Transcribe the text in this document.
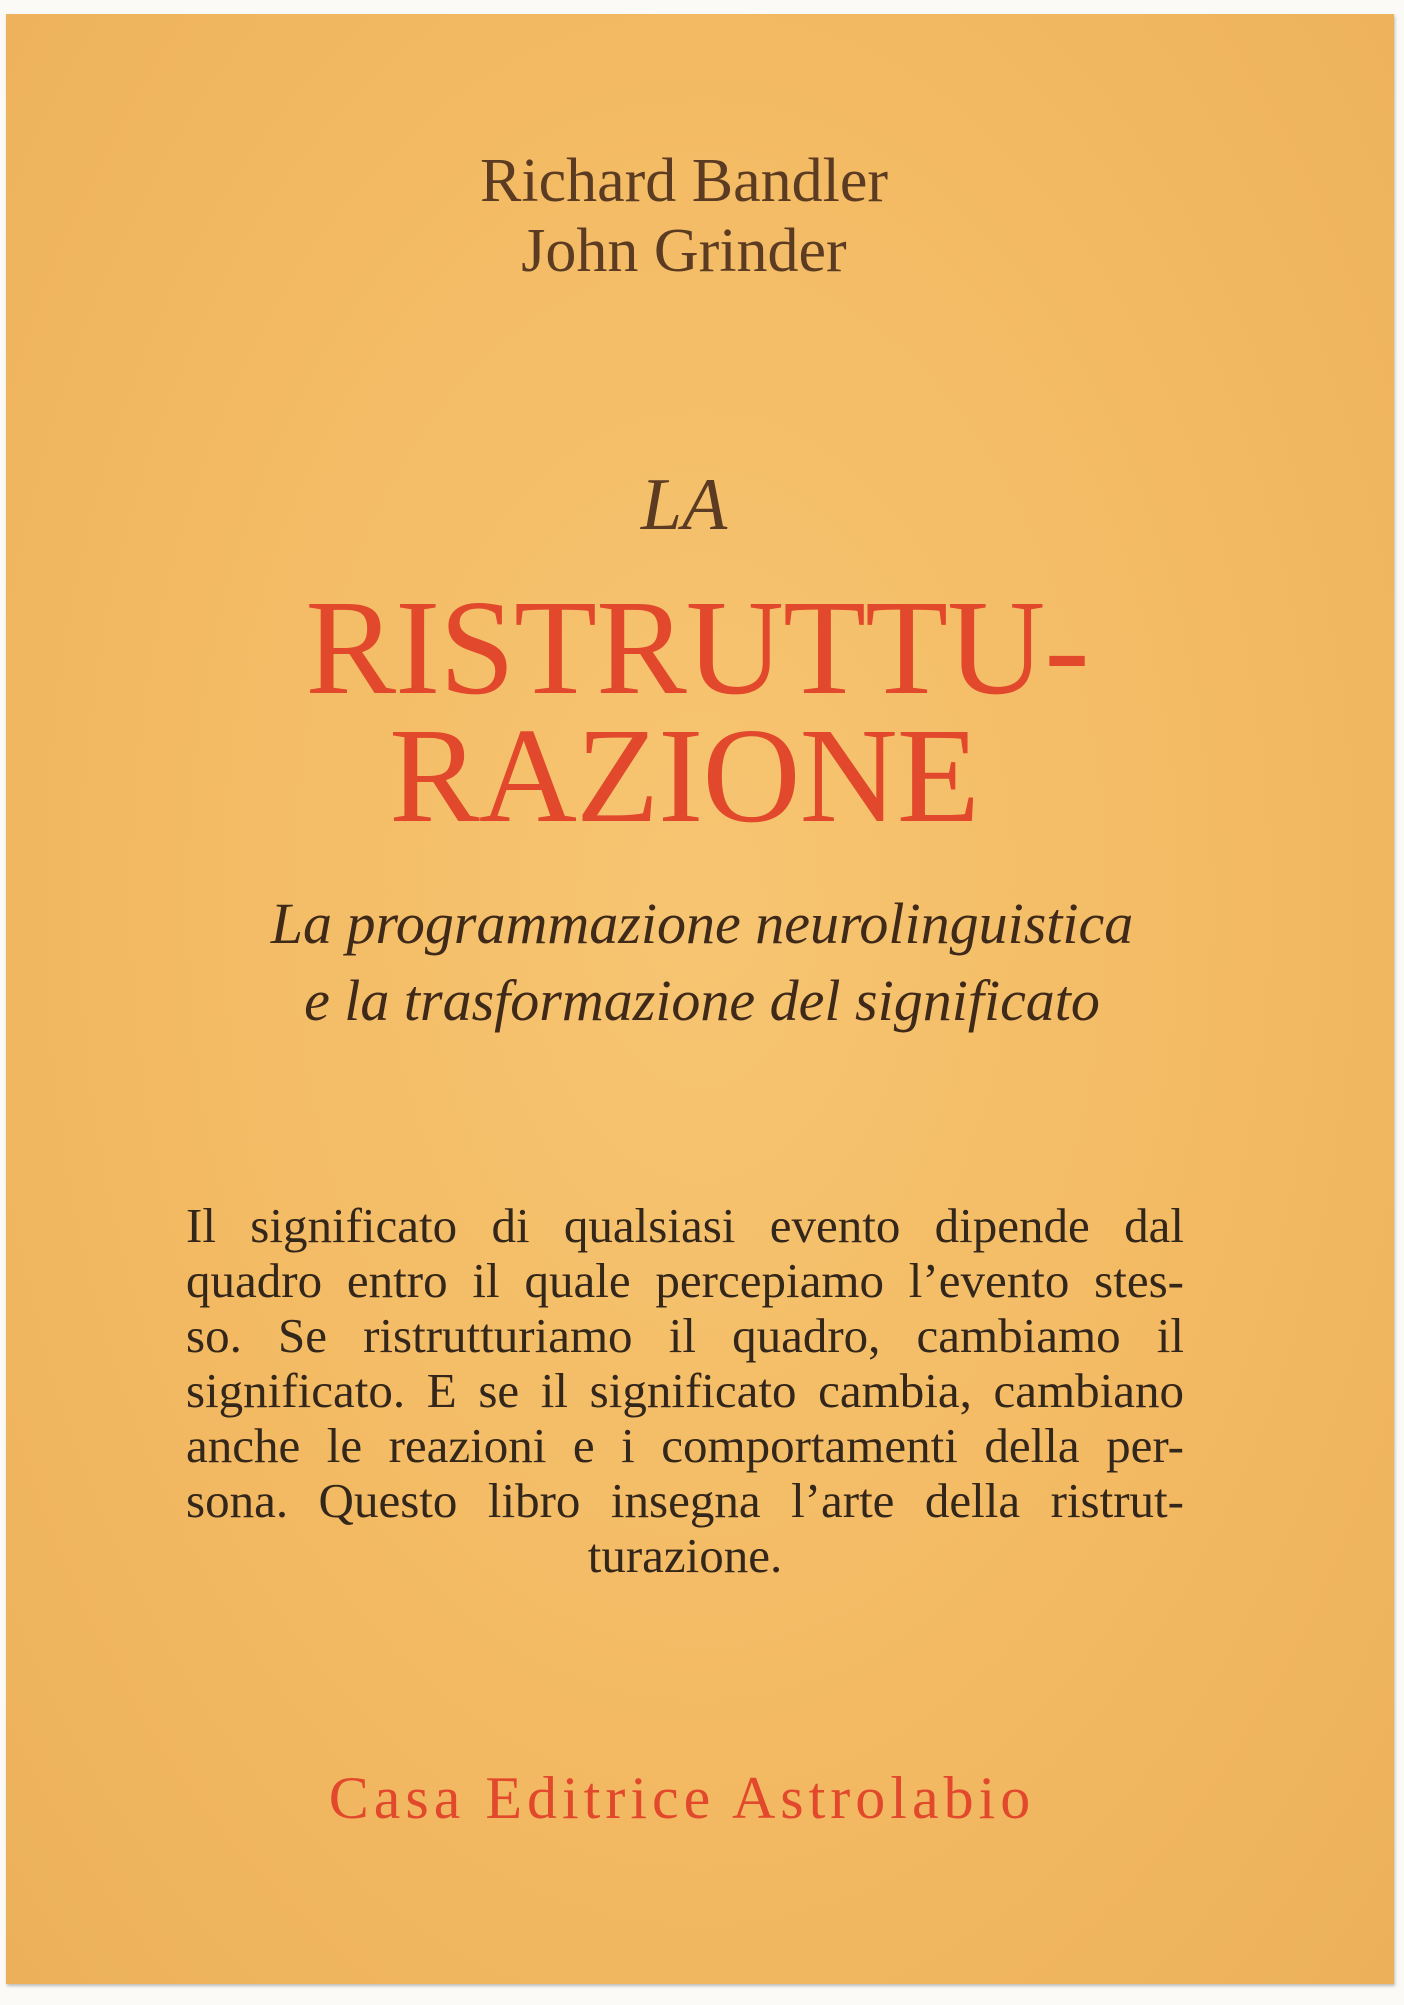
Richard Bandler
John Grinder
LA
RISTRUTTU-
RAZIONE
La programmazione neurolinguistica
e la trasformazione del significato
Il significato di qualsiasi evento dipende dal
quadro entro il quale percepiamo l’evento stes-
so. Se ristrutturiamo il quadro, cambiamo il
significato. E se il significato cambia, cambiano
anche le reazioni e i comportamenti della per-
sona. Questo libro insegna l’arte della ristrut-
turazione.
Casa Editrice Astrolabio
